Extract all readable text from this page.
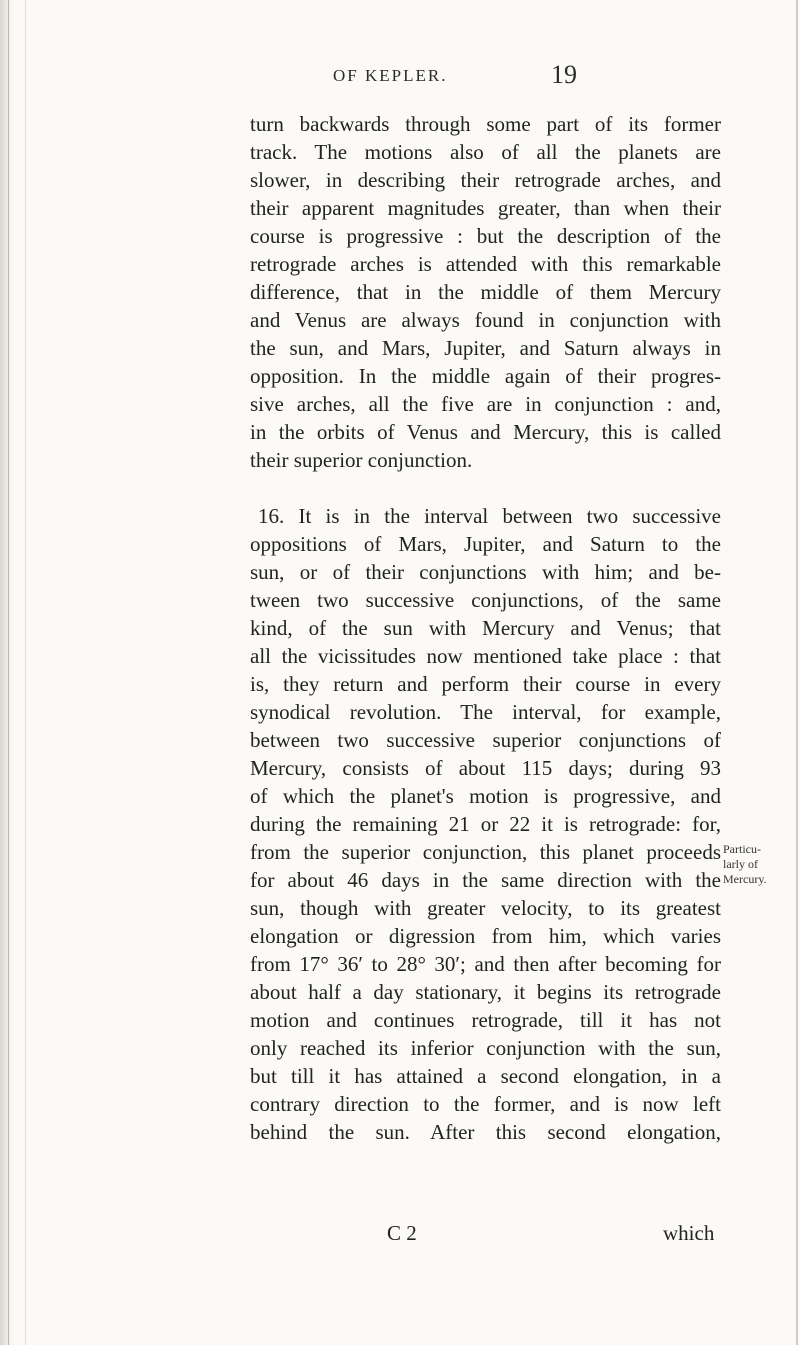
OF KEPLER.	19
turn backwards through some part of its former
track. The motions also of all the planets are
slower, in describing their retrograde arches, and
their apparent magnitudes greater, than when their
course is progressive : but the description of the
retrograde arches is attended with this remarkable
difference, that in the middle of them Mercury
and Venus are always found in conjunction with
the sun, and Mars, Jupiter, and Saturn always in
opposition. In the middle again of their progres-
sive arches, all the five are in conjunction : and,
in the orbits of Venus and Mercury, this is called
their superior conjunction.
16. It is in the interval between two successive
oppositions of Mars, Jupiter, and Saturn to the
sun, or of their conjunctions with him; and be-
tween two successive conjunctions, of the same
kind, of the sun with Mercury and Venus; that
all the vicissitudes now mentioned take place : that
is, they return and perform their course in every
synodical revolution. The interval, for example,
between two successive superior conjunctions of
Mercury, consists of about 115 days; during 93
of which the planet's motion is progressive, and
during the remaining 21 or 22 it is retrograde: for,
from the superior conjunction, this planet proceeds
for about 46 days in the same direction with the
sun, though with greater velocity, to its greatest
elongation or digression from him, which varies
from 17° 36′ to 28° 30′; and then after becoming for
about half a day stationary, it begins its retrograde
motion and continues retrograde, till it has not
only reached its inferior conjunction with the sun,
but till it has attained a second elongation, in a
contrary direction to the former, and is now left
behind the sun. After this second elongation,
Particu-
larly of
Mercury.
C 2	which
